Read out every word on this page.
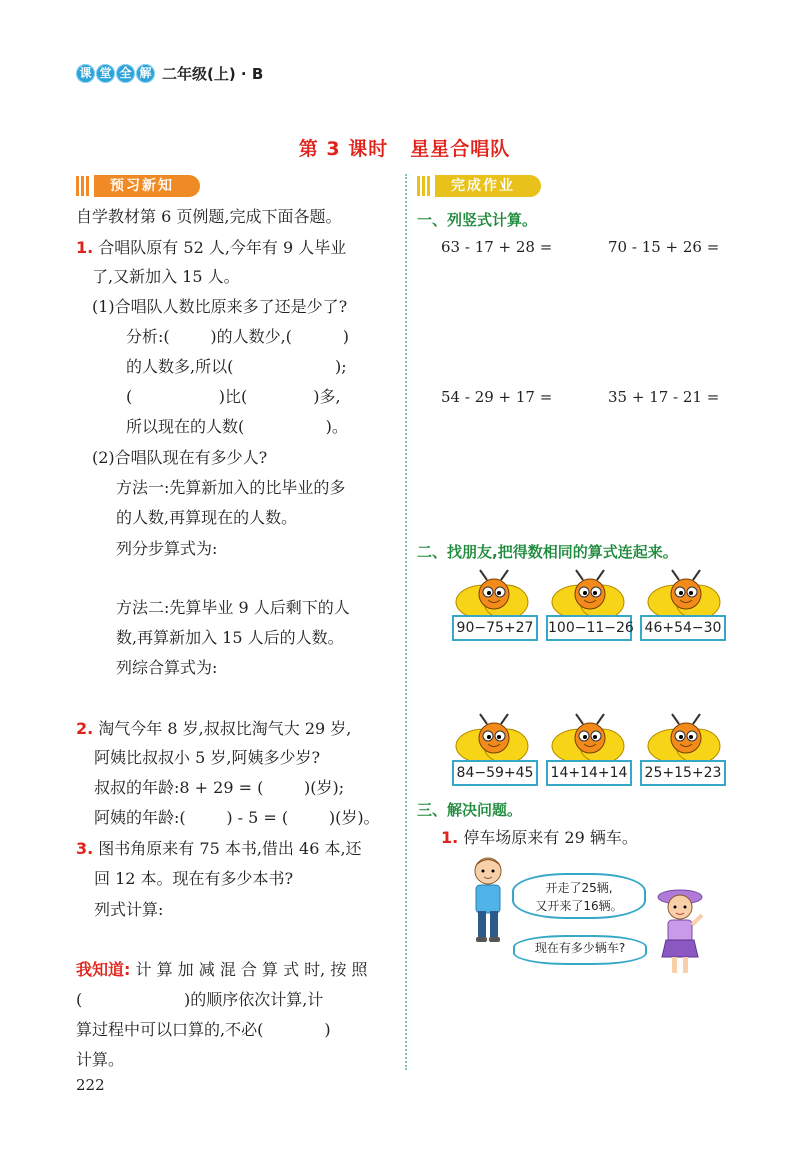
课 堂 全 解 二年级(上) · B
第 3 课时 星星合唱队
预习新知
自学教材第 6 页例题,完成下面各题。
1. 合唱队原有 52 人,今年有 9 人毕业
了,又新加入 15 人。
(1)合唱队人数比原来多了还是少了?
分析:(        )的人数少,(          )
的人数多,所以(                    );
(                 )比(             )多,
所以现在的人数(                )。
(2)合唱队现在有多少人?
方法一:先算新加入的比毕业的多
的人数,再算现在的人数。
列分步算式为:
方法二:先算毕业 9 人后剩下的人
数,再算新加入 15 人后的人数。
列综合算式为:
2. 淘气今年 8 岁,叔叔比淘气大 29 岁,
阿姨比叔叔小 5 岁,阿姨多少岁?
叔叔的年龄:8 + 29 = (        )(岁);
阿姨的年龄:(        ) - 5 = (        )(岁)。
3. 图书角原来有 75 本书,借出 46 本,还
回 12 本。现在有多少本书?
列式计算:
我知道: 计 算 加 减 混 合 算 式 时, 按 照
(                    )的顺序依次计算,计
算过程中可以口算的,不必(            )
计算。
222
完成作业
一、列竖式计算。
63 - 17 + 28 =	70 - 15 + 26 =
54 - 29 + 17 =	35 + 17 - 21 =
二、找朋友,把得数相同的算式连起来。
90−75+27	100−11−26 46+54−30
84−59+45	14+14+14	25+15+23
三、解决问题。
1. 停车场原来有 29 辆车。
开走了25辆,
又开来了16辆。
现在有多少辆车?
